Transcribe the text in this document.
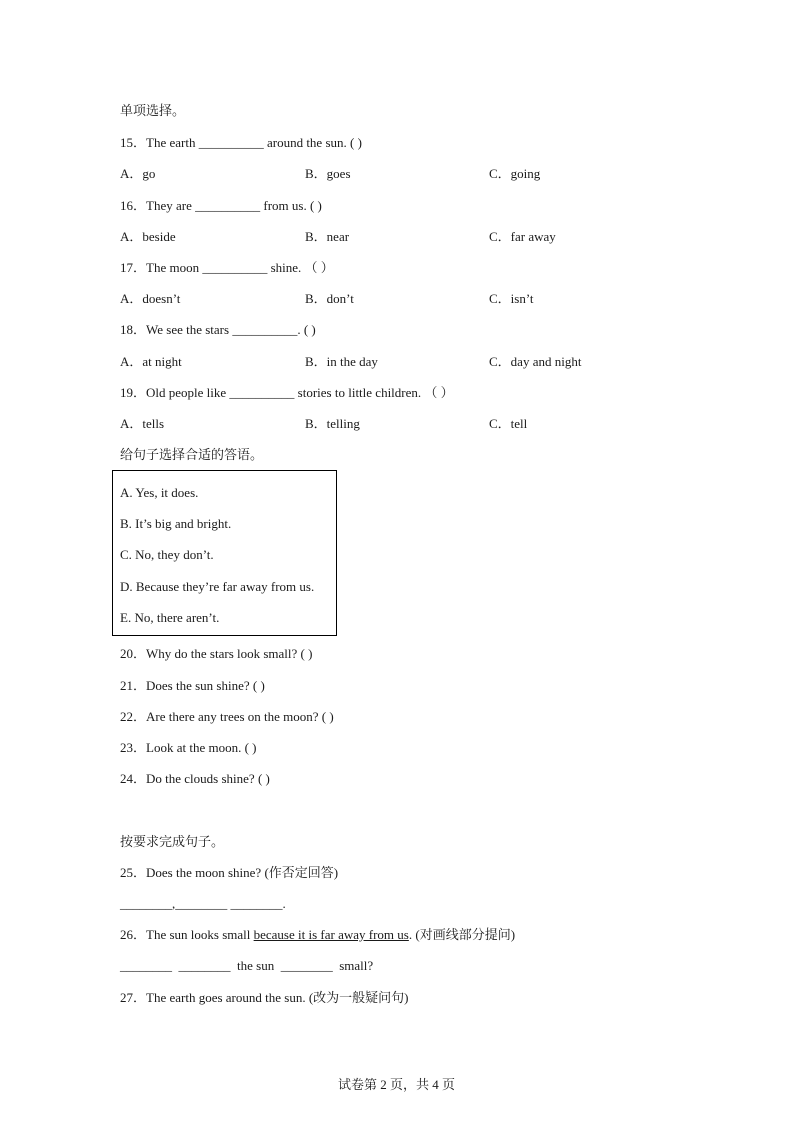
单项选择。
15．The earth __________ around the sun. ( )
A．go	B．goes	C．going
16．They are __________ from us. ( )
A．beside	B．near	C．far away
17．The moon __________ shine. （ ）
A．doesn’t	B．don’t	C．isn’t
18．We see the stars __________. ( )
A．at night	B．in the day	C．day and night
19．Old people like __________ stories to little children. （ ）
A．tells	B．telling	C．tell
给句子选择合适的答语。
A. Yes, it does.
B. It’s big and bright.
C. No, they don’t.
D. Because they’re far away from us.
E. No, there aren’t.
20．Why do the stars look small? ( )
21．Does the sun shine? ( )
22．Are there any trees on the moon? ( )
23．Look at the moon. ( )
24．Do the clouds shine? ( )
按要求完成句子。
25．Does the moon shine? (作否定回答)
________,________ ________.
26．The sun looks small because it is far away from us. (对画线部分提问)
________  ________  the sun  ________  small?
27．The earth goes around the sun. (改为一般疑问句)
试卷第 2 页，共 4 页
